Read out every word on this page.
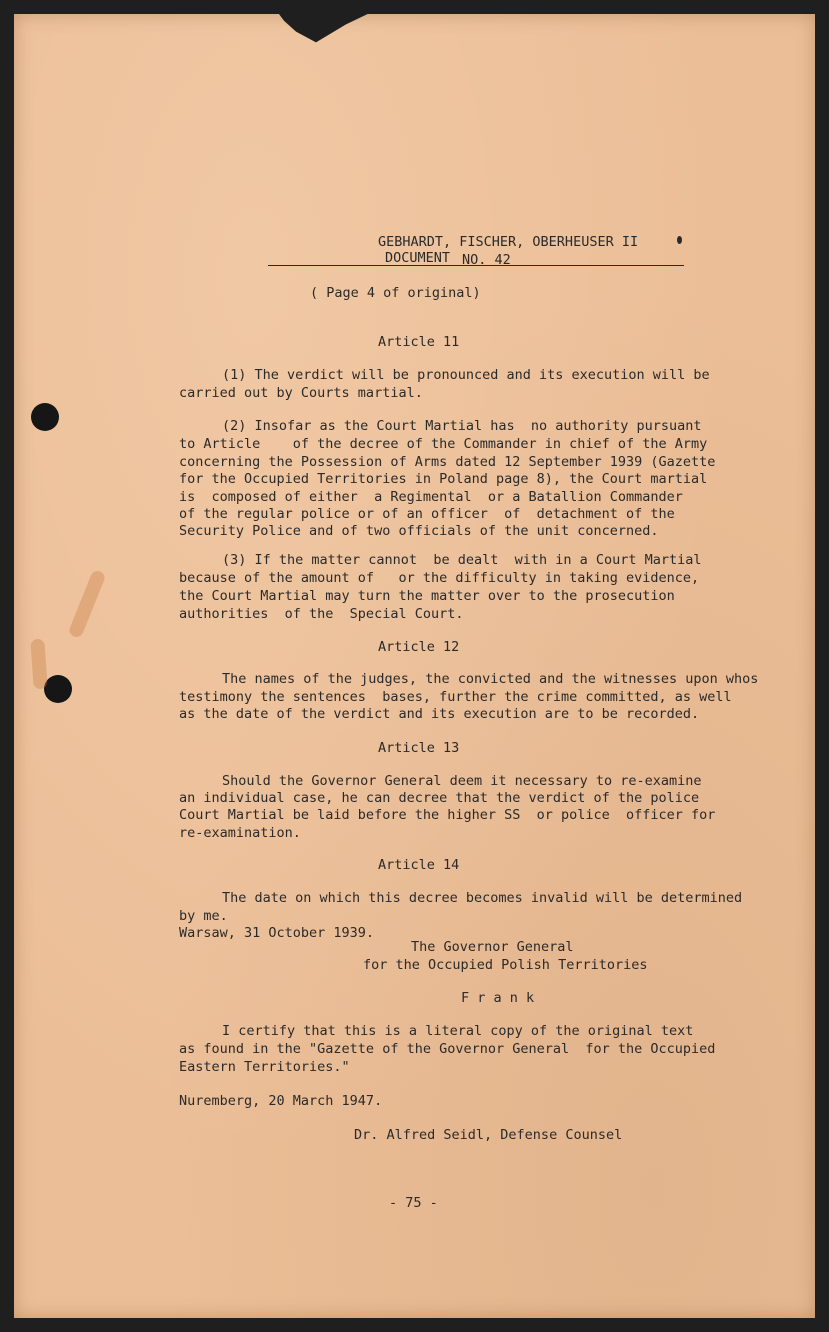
GEBHARDT, FISCHER, OBERHEUSER II
DOCUMENT NO. 42
( Page 4 of original)
Article 11
(1) The verdict will be pronounced and its execution will be
carried out by Courts martial.
(2) Insofar as the Court Martial has  no authority pursuant
to Article    of the decree of the Commander in chief of the Army
concerning the Possession of Arms dated 12 September 1939 (Gazette
for the Occupied Territories in Poland page 8), the Court martial
is  composed of either  a Regimental  or a Batallion Commander
of the regular police or of an officer  of  detachment of the
Security Police and of two officials of the unit concerned.
(3) If the matter cannot  be dealt  with in a Court Martial
because of the amount of   or the difficulty in taking evidence,
the Court Martial may turn the matter over to the prosecution
authorities  of the  Special Court.
Article 12
The names of the judges, the convicted and the witnesses upon whos
testimony the sentences  bases, further the crime committed, as well
as the date of the verdict and its execution are to be recorded.
Article 13
Should the Governor General deem it necessary to re-examine
an individual case, he can decree that the verdict of the police
Court Martial be laid before the higher SS  or police  officer for
re-examination.
Article 14
The date on which this decree becomes invalid will be determined
by me.
Warsaw, 31 October 1939.
The Governor General
for the Occupied Polish Territories
F r a n k
I certify that this is a literal copy of the original text
as found in the "Gazette of the Governor General  for the Occupied
Eastern Territories."
Nuremberg, 20 March 1947.
Dr. Alfred Seidl, Defense Counsel
- 75 -
